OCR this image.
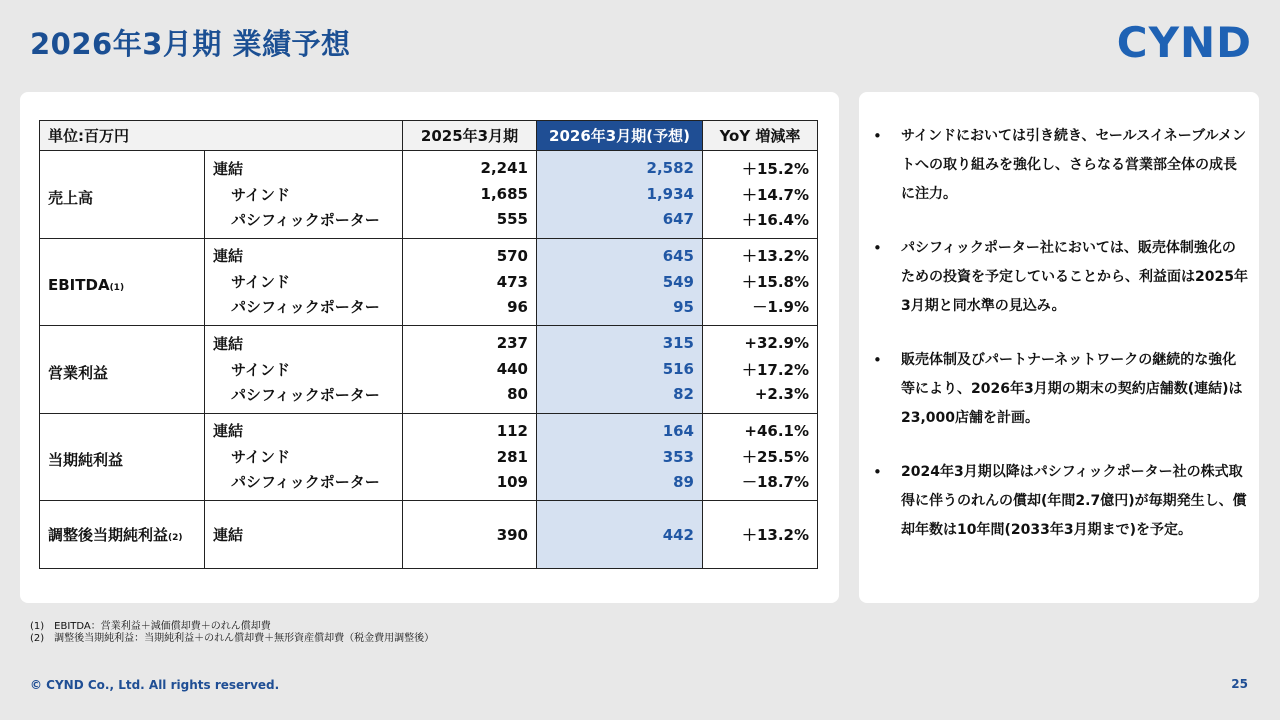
2026年3月期 業績予想	CYND
単位:百万円		2025年3月期	2026年3月期(予想)	YoY 増減率
売上高	連結	2,241	2,582	＋15.2%
	サインド	1,685	1,934	＋14.7%
	パシフィックポーター	555	647	＋16.4%
EBITDA(1)	連結	570	645	＋13.2%
	サインド	473	549	＋15.8%
	パシフィックポーター	96	95	－1.9%
営業利益	連結	237	315	+32.9%
	サインド	440	516	＋17.2%
	パシフィックポーター	80	82	+2.3%
当期純利益	連結	112	164	+46.1%
	サインド	281	353	＋25.5%
	パシフィックポーター	109	89	－18.7%
調整後当期純利益(2)	連結	390	442	＋13.2%
•	サインドにおいては引き続き、セールスイネーブルメントへの取り組みを強化し、さらなる営業部全体の成長に注力。
•	パシフィックポーター社においては、販売体制強化のための投資を予定していることから、利益面は2025年3月期と同水準の見込み。
•	販売体制及びパートナーネットワークの継続的な強化等により、2026年3月期の期末の契約店舗数(連結)は23,000店舗を計画。
•	2024年3月期以降はパシフィックポーター社の株式取得に伴うのれんの償却(年間2.7億円)が毎期発生し、償却年数は10年間(2033年3月期まで)を予定。
(1)　EBITDA：営業利益＋減価償却費＋のれん償却費
(2)　調整後当期純利益：当期純利益＋のれん償却費＋無形資産償却費（税金費用調整後）
© CYND Co., Ltd. All rights reserved.	25
